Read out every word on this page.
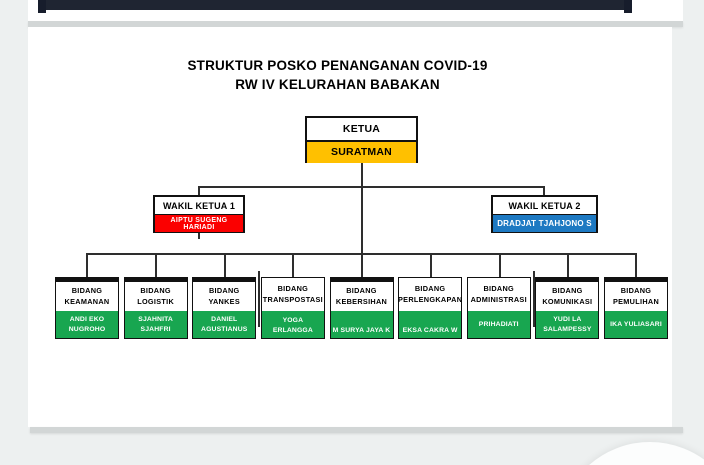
STRUKTUR POSKO PENANGANAN COVID-19
RW IV KELURAHAN BABAKAN
KETUA
SURATMAN
WAKIL KETUA 1
AIPTU SUGENG HARIADI
WAKIL KETUA 2
DRADJAT TJAHJONO S
BIDANG
KEAMANAN
ANDI EKO NUGROHO
BIDANG
LOGISTIK
SJAHNITA SJAHFRI
BIDANG
YANKES
DANIEL AGUSTIANUS
BIDANG
TRANSPOSTASI
YOGA ERLANGGA
BIDANG
KEBERSIHAN
M SURYA JAYA K
BIDANG
PERLENGKAPAN
EKSA CAKRA W
BIDANG
ADMINISTRASI
PRIHADIATI
BIDANG
KOMUNIKASI
YUDI LA SALAMPESSY
BIDANG
PEMULIHAN
IKA YULIASARI
